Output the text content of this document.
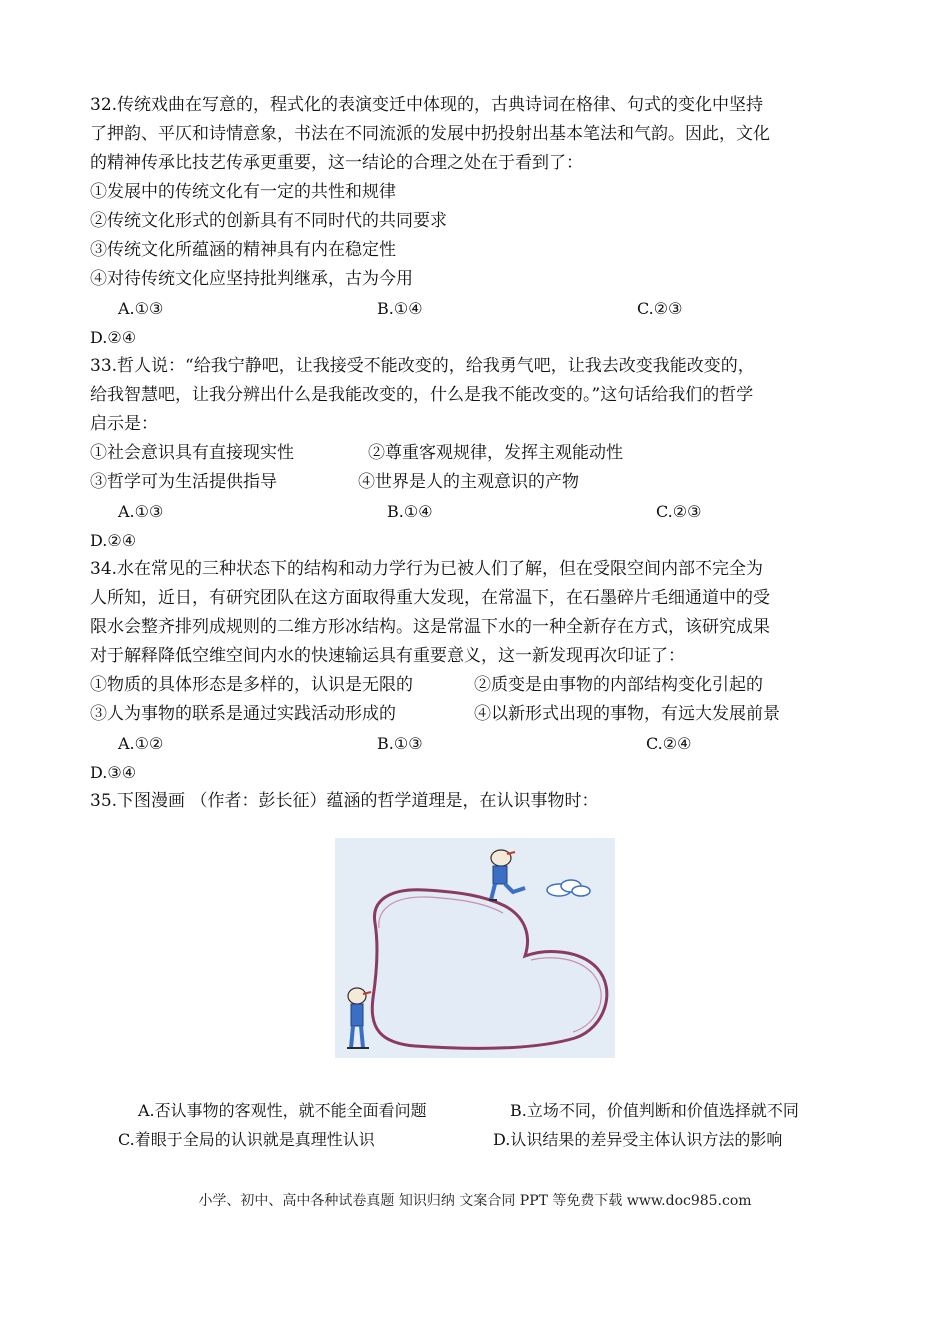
32.传统戏曲在写意的，程式化的表演变迁中体现的，古典诗词在格律、句式的变化中坚持
了押韵、平仄和诗情意象，书法在不同流派的发展中扔投射出基本笔法和气韵。因此，文化
的精神传承比技艺传承更重要，这一结论的合理之处在于看到了：
①发展中的传统文化有一定的共性和规律
②传统文化形式的创新具有不同时代的共同要求
③传统文化所蕴涵的精神具有内在稳定性
④对待传统文化应坚持批判继承，古为今用
A.①③	B.①④	C.②③
D.②④
33.哲人说：“给我宁静吧，让我接受不能改变的，给我勇气吧，让我去改变我能改变的，
给我智慧吧，让我分辨出什么是我能改变的，什么是我不能改变的。”这句话给我们的哲学
启示是：
①社会意识具有直接现实性	②尊重客观规律，发挥主观能动性
③哲学可为生活提供指导	④世界是人的主观意识的产物
A.①③	B.①④	C.②③
D.②④
34.水在常见的三种状态下的结构和动力学行为已被人们了解，但在受限空间内部不完全为
人所知，近日，有研究团队在这方面取得重大发现，在常温下，在石墨碎片毛细通道中的受
限水会整齐排列成规则的二维方形冰结构。这是常温下水的一种全新存在方式，该研究成果
对于解释降低空维空间内水的快速输运具有重要意义，这一新发现再次印证了：
①物质的具体形态是多样的，认识是无限的	②质变是由事物的内部结构变化引起的
③人为事物的联系是通过实践活动形成的	④以新形式出现的事物，有远大发展前景
A.①②	B.①③	C.②④
D.③④
35.下图漫画 （作者：彭长征）蕴涵的哲学道理是，在认识事物时：
A.否认事物的客观性，就不能全面看问题	B.立场不同，价值判断和价值选择就不同
C.着眼于全局的认识就是真理性认识	D.认识结果的差异受主体认识方法的影响
小学、初中、高中各种试卷真题 知识归纳 文案合同 PPT 等免费下载 www.doc985.com
